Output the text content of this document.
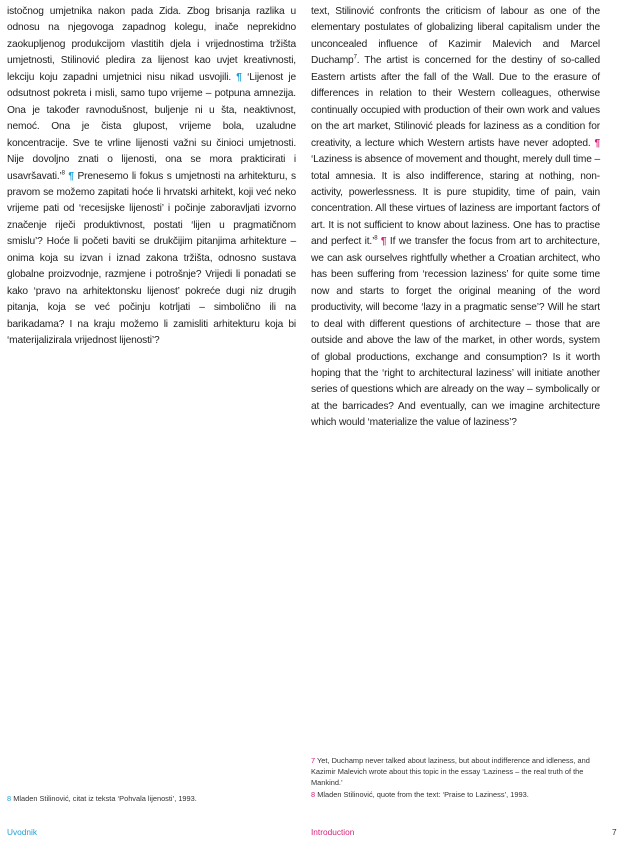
istočnog umjetnika nakon pada Zida. Zbog brisanja razlika u odnosu na njegovoga zapadnog kolegu, inače neprekidno zaokupljenog produkcijom vlastitih djela i vrijednostima tržišta umjetnosti, Stilinović pledira za lijenost kao uvjet kreativnosti, lekciju koju zapadni umjetnici nisu nikad usvojili. ¶ ‘Lijenost je odsutnost pokreta i misli, samo tupo vrijeme – potpuna amnezija. Ona je također ravnodušnost, buljenje ni u šta, neaktivnost, nemoć. Ona je čista glupost, vrijeme bola, uzaludne koncentracije. Sve te vrline lijenosti važni su činioci umjetnosti. Nije dovoljno znati o lijenosti, ona se mora prakticirati i usavršavati.’$^8$ ¶ Prenesemo li fokus s umjetnosti na arhitekturu, s pravom se možemo zapitati hoće li hrvatski arhitekt, koji već neko vrijeme pati od ‘recesijske lijenosti’ i počinje zaboravljati izvorno značenje riječi produktivnost, postati ‘lijen u pragmatičnom smislu’? Hoće li početi baviti se drukčijim pitanjima arhitekture – onima koja su izvan i iznad zakona tržišta, odnosno sustava globalne proizvodnje, razmjene i potrošnje? Vrijedi li ponadati se kako ‘pravo na arhitektonsku lijenost’ pokreće dugi niz drugih pitanja, koja se već počinju kotrljati – simbolično ili na barikadama? I na kraju možemo li zamisliti arhitekturu koja bi ‘materijalizirala vrijednost lijenosti’?

text, Stilinović confronts the criticism of labour as one of the elementary postulates of globalizing liberal capitalism under the unconcealed influence of Kazimir Malevich and Marcel Duchamp$^7$. The artist is concerned for the destiny of so-called Eastern artists after the fall of the Wall. Due to the erasure of differences in relation to their Western colleagues, otherwise continually occupied with production of their own work and values on the art market, Stilinović pleads for laziness as a condition for creativity, a lecture which Western artists have never adopted. ¶ ‘Laziness is absence of movement and thought, merely dull time – total amnesia. It is also indifference, staring at nothing, non-activity, powerlessness. It is pure stupidity, time of pain, vain concentration. All these virtues of laziness are important factors of art. It is not sufficient to know about laziness. One has to practise and perfect it.’$^8$ ¶ If we transfer the focus from art to architecture, we can ask ourselves rightfully whether a Croatian architect, who has been suffering from ‘recession laziness’ for quite some time now and starts to forget the original meaning of the word productivity, will become ‘lazy in a pragmatic sense’? Will he start to deal with different questions of architecture – those that are outside and above the law of the market, in other words, system of global productions, exchange and consumption? Is it worth hoping that the ‘right to architectural laziness’ will initiate another series of questions which are already on the way – symbolically or at the barricades? And eventually, can we imagine architecture which would ‘materialize the value of laziness’?

8 Mladen Stilinović, citat iz teksta ‘Pohvala lijenosti’, 1993.

7 Yet, Duchamp never talked about laziness, but about indifference and idleness, and Kazimir Malevich wrote about this topic in the essay ‘Laziness – the real truth of the Mankind.’

8 Mladen Stilinović, quote from the text: ‘Praise to Laziness’, 1993.

Uvodnik	Introduction	7
